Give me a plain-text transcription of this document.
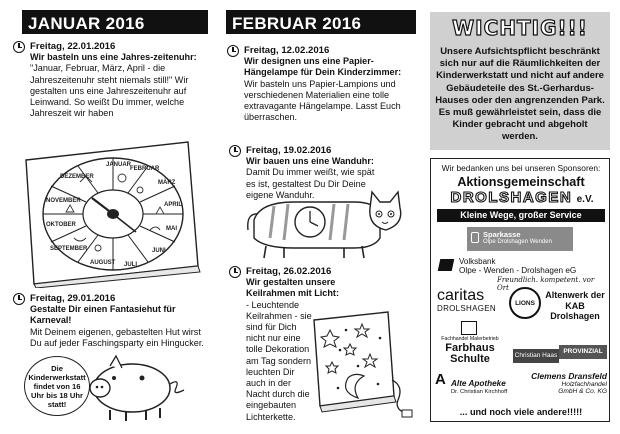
JANUAR 2016
Freitag, 22.01.2016
Wir basteln uns eine Jahres-zeitenuhr:
"Januar, Februar, März, April - die Jahreszeitenuhr steht niemals still!" Wir gestalten uns eine Jahreszeitenuhr auf Leinwand. So weißt Du immer, welche Jahreszeit wir haben
JANUAR
FEBRUAR
MÄRZ
APRIL
MAI
JUNI
JULI
AUGUST
SEPTEMBER
OKTOBER
NOVEMBER
DEZEMBER
Freitag, 29.01.2016
Gestalte Dir einen Fantasiehut für Karneval!
Mit Deinem eigenen, gebastelten Hut wirst Du auf jeder Faschingsparty ein Hingucker.
Die Kinderwerkstatt findet von 16 Uhr bis 18 Uhr statt!
FEBRUAR 2016
Freitag, 12.02.2016
Wir designen uns eine Papier-Hängelampe für Dein Kinderzimmer:
Wir basteln uns Papier-Lampions und verschiedenen Materialien eine tolle extravagante Hängelampe. Lasst Euch überraschen.
Freitag, 19.02.2016
Wir bauen uns eine Wanduhr:
Damit Du immer weißt, wie spät es ist, gestaltest Du Dir Deine eigene Wanduhr.
Freitag, 26.02.2016
Wir gestalten unsere Keilrahmen mit Licht:
- Leuchtende Keilrahmen - sie sind für Dich nicht nur eine tolle Dekoration am Tag sondern leuchten Dir auch in der Nacht durch die eingebauten Lichterkette.
WICHTIG!!!
Unsere Aufsichtspflicht beschränkt sich nur auf die Räumlichkeiten der Kinderwerkstatt und nicht auf andere Gebäudeteile des St.-Gerhardus-Hauses oder den angrenzenden Park. Es muß gewährleistet sein, dass die Kinder gebracht und abgeholt werden.
Wir bedanken uns bei unseren Sponsoren:
Aktionsgemeinschaft
DROLSHAGEN e.V.
Kleine Wege, großer Service
Sparkasse
Olpe Drolshagen Wenden
Volksbank
Olpe - Wenden - Drolshagen eG
Freundlich. kompetent. vor Ort
caritas
DROLSHAGEN
LIONS
Altenwerk der KAB Drolshagen
Fachhandel Malerbetrieb
Farbhaus
Schulte	Christian Haas
PROVINZIAL
A Alte Apotheke
Dr. Christian Kirchhoff
Clemens Dransfeld
Holzfachhandel
GmbH & Co. KG
... und noch viele andere!!!!!
